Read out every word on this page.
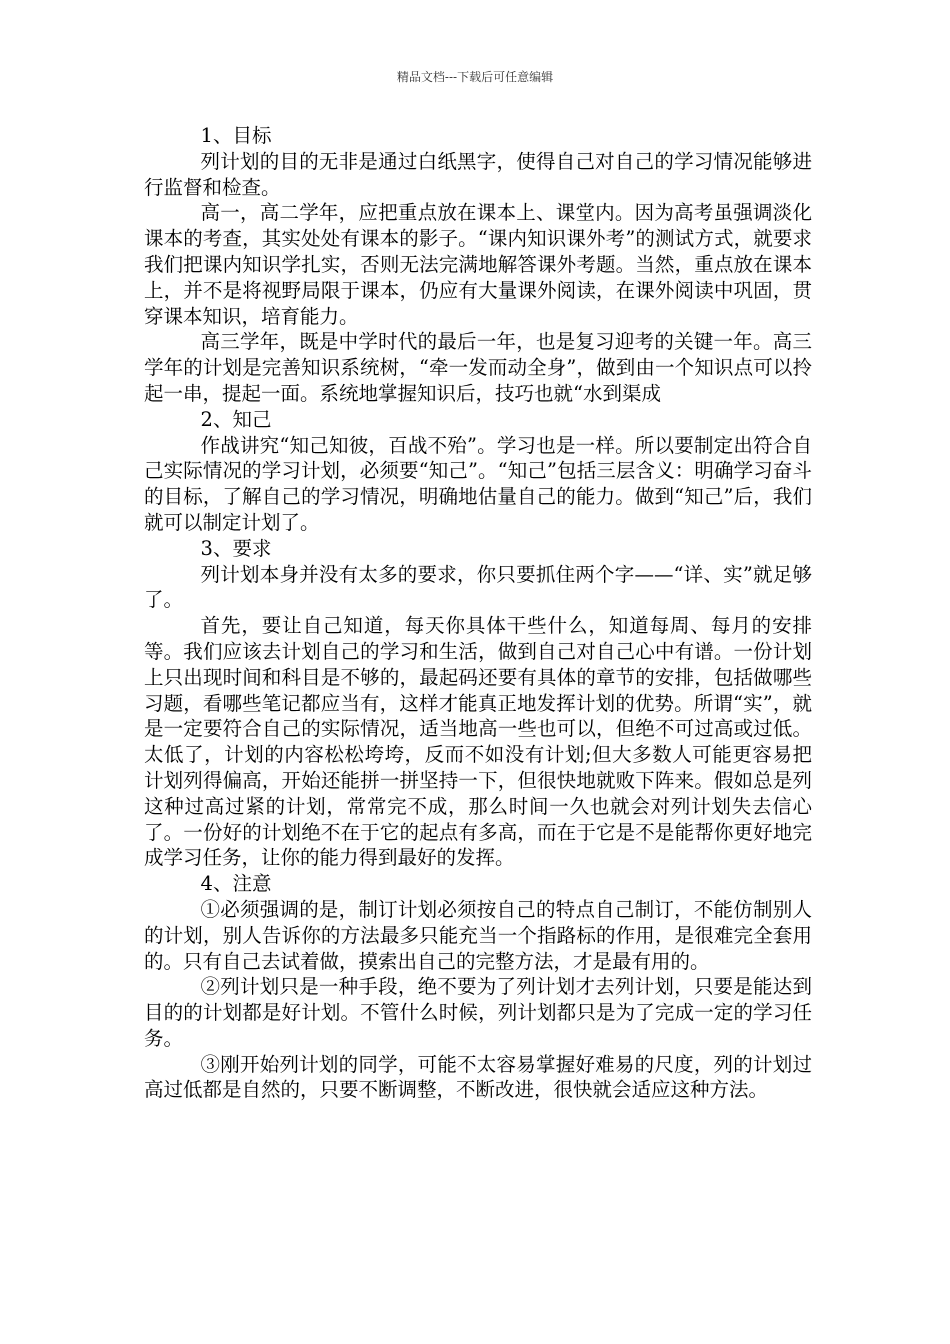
精品文档---下载后可任意编辑

1、目标

列计划的目的无非是通过白纸黑字，使得自己对自己的学习情况能够进行监督和检查。

高一，高二学年，应把重点放在课本上、课堂内。因为高考虽强调淡化课本的考查，其实处处有课本的影子。“课内知识课外考”的测试方式，就要求我们把课内知识学扎实，否则无法完满地解答课外考题。当然，重点放在课本上，并不是将视野局限于课本，仍应有大量课外阅读，在课外阅读中巩固，贯穿课本知识，培育能力。

高三学年，既是中学时代的最后一年，也是复习迎考的关键一年。高三学年的计划是完善知识系统树，“牵一发而动全身”，做到由一个知识点可以拎起一串，提起一面。系统地掌握知识后，技巧也就“水到渠成

2、知己

作战讲究“知己知彼，百战不殆”。学习也是一样。所以要制定出符合自己实际情况的学习计划，必须要“知己”。“知己”包括三层含义：明确学习奋斗的目标，了解自己的学习情况，明确地估量自己的能力。做到“知己”后，我们就可以制定计划了。

3、要求

列计划本身并没有太多的要求，你只要抓住两个字——“详、实”就足够了。

首先，要让自己知道，每天你具体干些什么，知道每周、每月的安排等。我们应该去计划自己的学习和生活，做到自己对自己心中有谱。一份计划上只出现时间和科目是不够的，最起码还要有具体的章节的安排，包括做哪些习题，看哪些笔记都应当有，这样才能真正地发挥计划的优势。所谓“实”，就是一定要符合自己的实际情况，适当地高一些也可以，但绝不可过高或过低。太低了，计划的内容松松垮垮，反而不如没有计划;但大多数人可能更容易把计划列得偏高，开始还能拼一拼坚持一下，但很快地就败下阵来。假如总是列这种过高过紧的计划，常常完不成，那么时间一久也就会对列计划失去信心了。一份好的计划绝不在于它的起点有多高，而在于它是不是能帮你更好地完成学习任务，让你的能力得到最好的发挥。

4、注意

①必须强调的是，制订计划必须按自己的特点自己制订，不能仿制别人的计划，别人告诉你的方法最多只能充当一个指路标的作用，是很难完全套用的。只有自己去试着做，摸索出自己的完整方法，才是最有用的。

②列计划只是一种手段，绝不要为了列计划才去列计划，只要是能达到目的的计划都是好计划。不管什么时候，列计划都只是为了完成一定的学习任务。

③刚开始列计划的同学，可能不太容易掌握好难易的尺度，列的计划过高过低都是自然的，只要不断调整，不断改进，很快就会适应这种方法。
